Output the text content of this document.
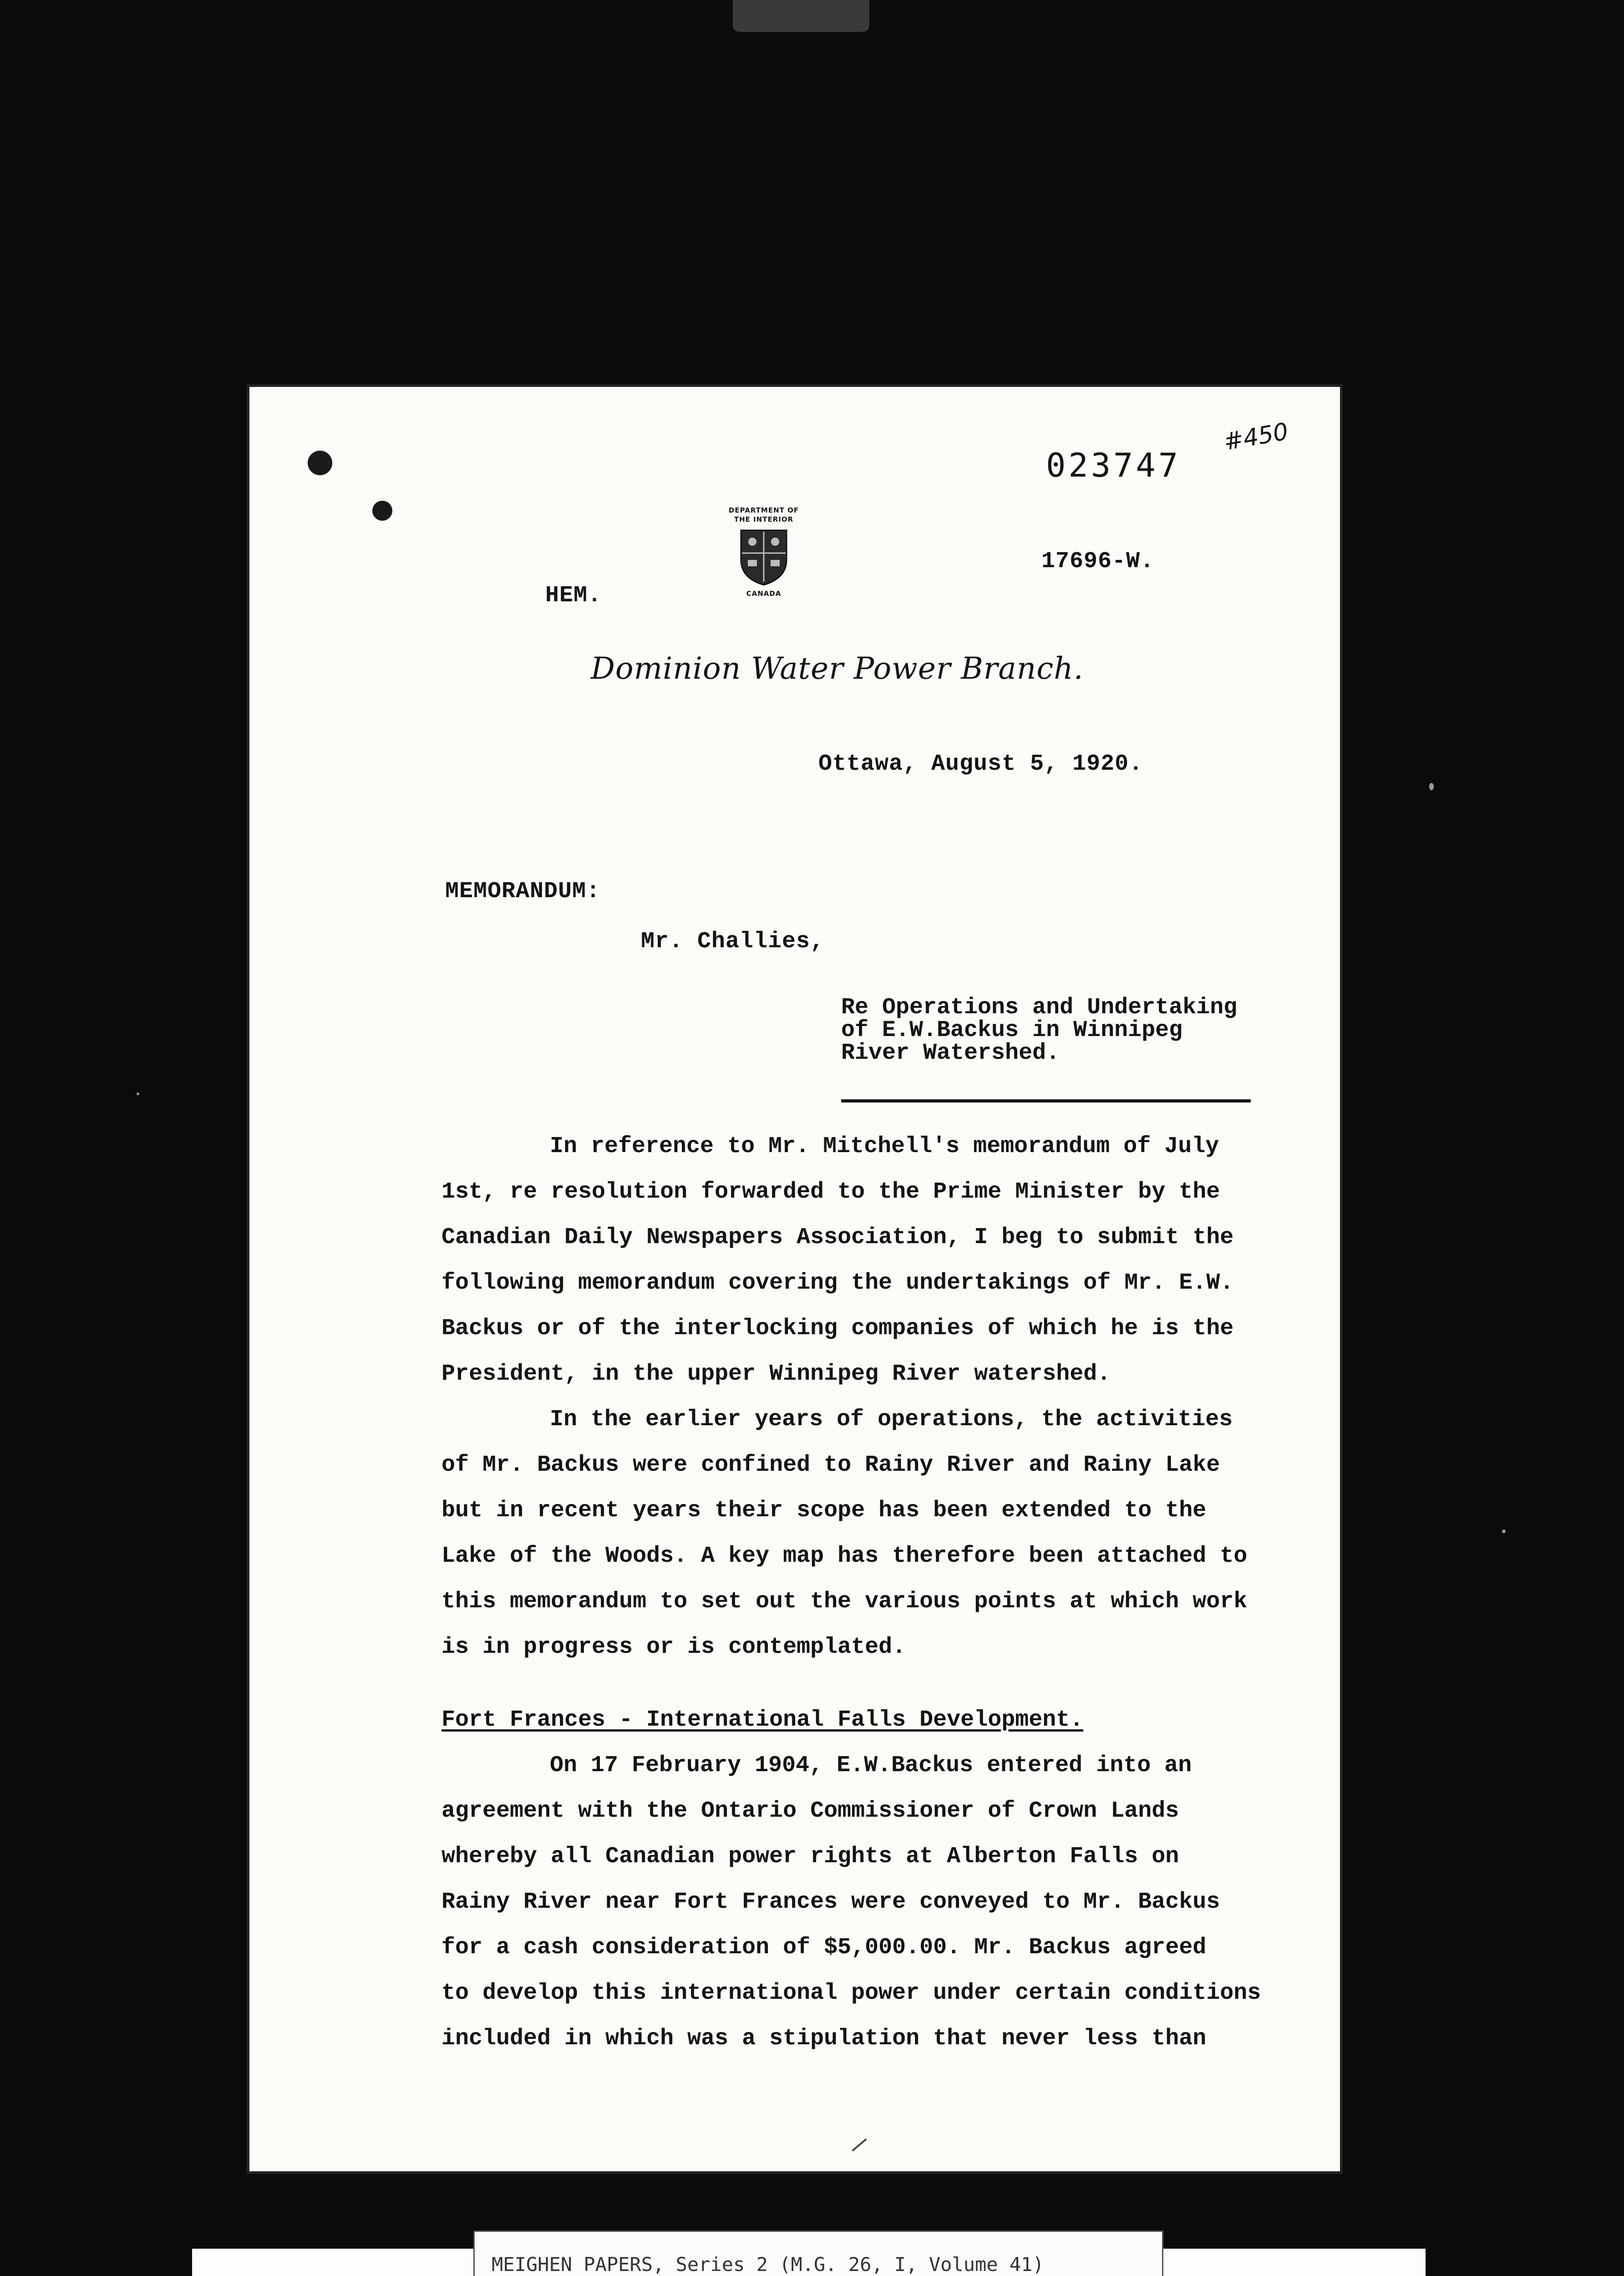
023747
#450
DEPARTMENT OF
THE INTERIOR
CANADA
17696-W.
HEM.
Dominion Water Power Branch.
Ottawa, August 5, 1920.
MEMORANDUM:
Mr. Challies,
Re Operations and Undertaking
of E.W.Backus in Winnipeg
River Watershed.
In reference to Mr. Mitchell's memorandum of July
1st, re resolution forwarded to the Prime Minister by the
Canadian Daily Newspapers Association, I beg to submit the
following memorandum covering the undertakings of Mr. E.W.
Backus or of the interlocking companies of which he is the
President, in the upper Winnipeg River watershed.
In the earlier years of operations, the activities
of Mr. Backus were confined to Rainy River and Rainy Lake
but in recent years their scope has been extended to the
Lake of the Woods. A key map has therefore been attached to
this memorandum to set out the various points at which work
is in progress or is contemplated.
Fort Frances - International Falls Development.
On 17 February 1904, E.W.Backus entered into an
agreement with the Ontario Commissioner of Crown Lands
whereby all Canadian power rights at Alberton Falls on
Rainy River near Fort Frances were conveyed to Mr. Backus
for a cash consideration of $5,000.00. Mr. Backus agreed
to develop this international power under certain conditions
included in which was a stipulation that never less than
MEIGHEN PAPERS, Series 2 (M.G. 26, I, Volume 41)
